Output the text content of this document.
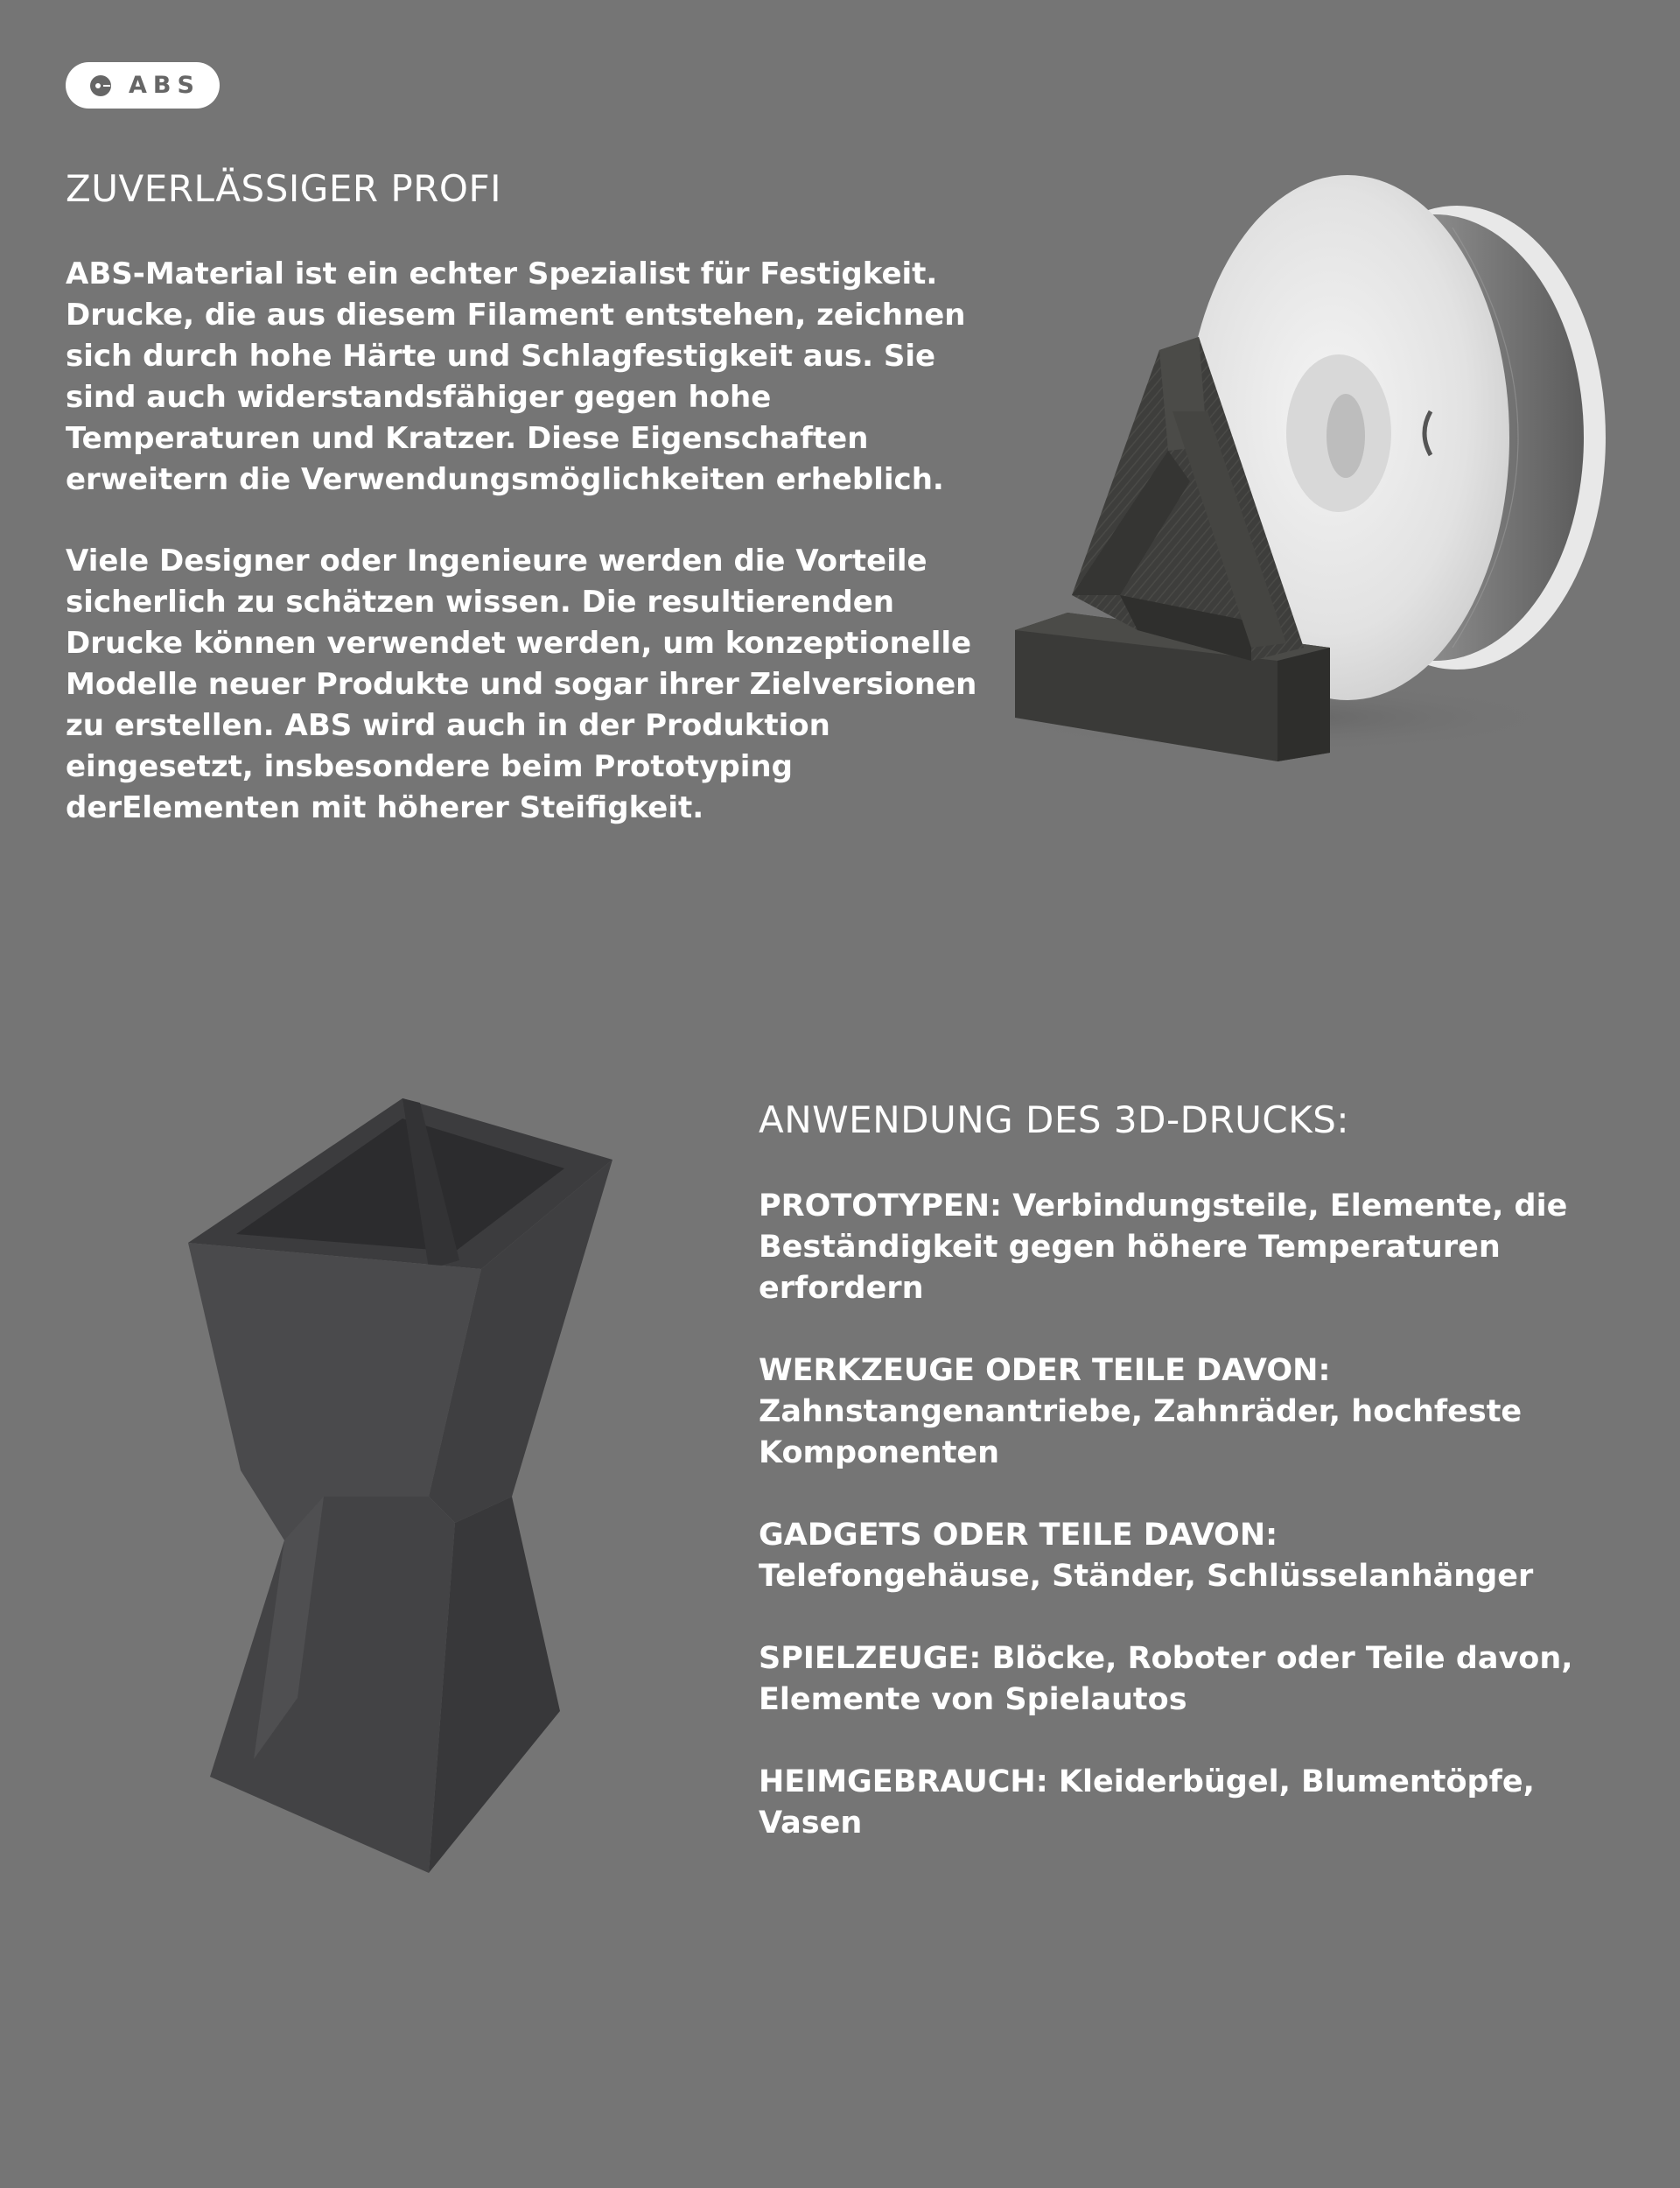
ABS
ZUVERLÄSSIGER PROFI

ABS-Material ist ein echter Spezialist für Festigkeit.
Drucke, die aus diesem Filament entstehen, zeichnen
sich durch hohe Härte und Schlagfestigkeit aus. Sie
sind auch widerstandsfähiger gegen hohe
Temperaturen und Kratzer. Diese Eigenschaften
erweitern die Verwendungsmöglichkeiten erheblich.

Viele Designer oder Ingenieure werden die Vorteile
sicherlich zu schätzen wissen. Die resultierenden
Drucke können verwendet werden, um konzeptionelle
Modelle neuer Produkte und sogar ihrer Zielversionen
zu erstellen. ABS wird auch in der Produktion
eingesetzt, insbesondere beim Prototyping
derElementen mit höherer Steifigkeit.

ANWENDUNG DES 3D-DRUCKS:

PROTOTYPEN: Verbindungsteile, Elemente, die
Beständigkeit gegen höhere Temperaturen
erfordern

WERKZEUGE ODER TEILE DAVON:
Zahnstangenantriebe, Zahnräder, hochfeste
Komponenten

GADGETS ODER TEILE DAVON:
Telefongehäuse, Ständer, Schlüsselanhänger

SPIELZEUGE: Blöcke, Roboter oder Teile davon,
Elemente von Spielautos

HEIMGEBRAUCH: Kleiderbügel, Blumentöpfe,
Vasen
